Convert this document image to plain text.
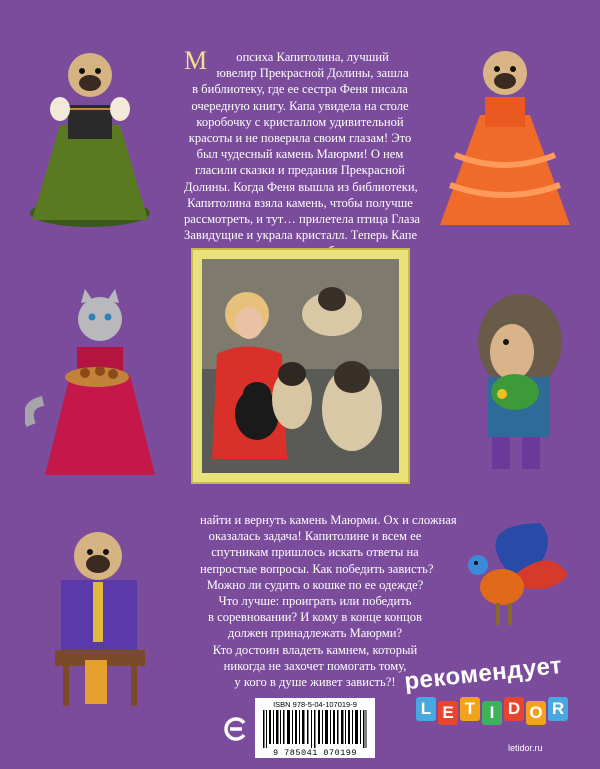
М опсиха Капитолина, лучший
ювелир Прекрасной Долины, зашла
в библиотеку, где ее сестра Феня писала
очередную книгу. Капа увидела на столе
коробочку с кристаллом удивительной
красоты и не поверила своим глазам! Это
был чудесный камень Маюрми! О нем
гласили сказки и предания Прекрасной
Долины. Когда Феня вышла из библиотеки,
Капитолина взяла камень, чтобы получше
рассмотреть, и тут… прилетела птица Глаза
Завидущие и украла кристалл. Теперь Капе
найти и вернуть камень Маюрми. Ох и сложная
оказалась задача! Капитолине и всем ее
спутникам пришлось искать ответы на
непростые вопросы. Как победить зависть?
Можно ли судить о кошке по ее одежде?
Что лучше: проиграть или победить
в соревновании? И кому в конце концов
должен принадлежать Маюрми?
Кто достоин владеть камнем, который
никогда не захочет помогать тому,
у кого в душе живет зависть?!
ISBN 978-5-04-107019-9
9 785041 070199
рекомендует
L E T I D O R
letidor.ru
